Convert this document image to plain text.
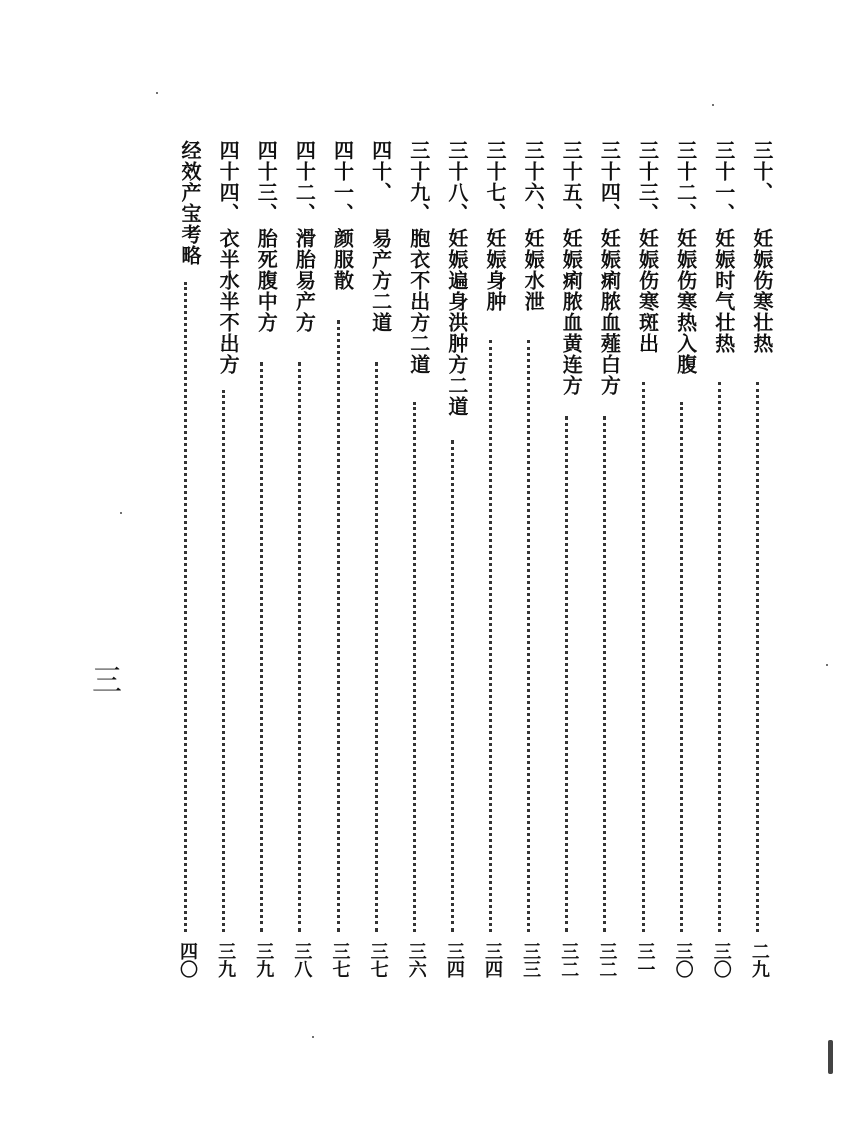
三
三十、
妊娠伤寒壮热
二九
三十一、
妊娠时气壮热
三〇
三十二、
妊娠伤寒热入腹
三〇
三十三、
妊娠伤寒斑出
三一
三十四、
妊娠痢脓血薤白方
三二
三十五、
妊娠痢脓血黄连方
三二
三十六、
妊娠水泄
三三
三十七、
妊娠身肿
三四
三十八、
妊娠遍身洪肿方二道
三四
三十九、
胞衣不出方二道
三六
四十、
易产方二道
三七
四十一、
颜服散
三七
四十二、
滑胎易产方
三八
四十三、
胎死腹中方
三九
四十四、
衣半水半不出方
三九
经效产宝考略
四〇
